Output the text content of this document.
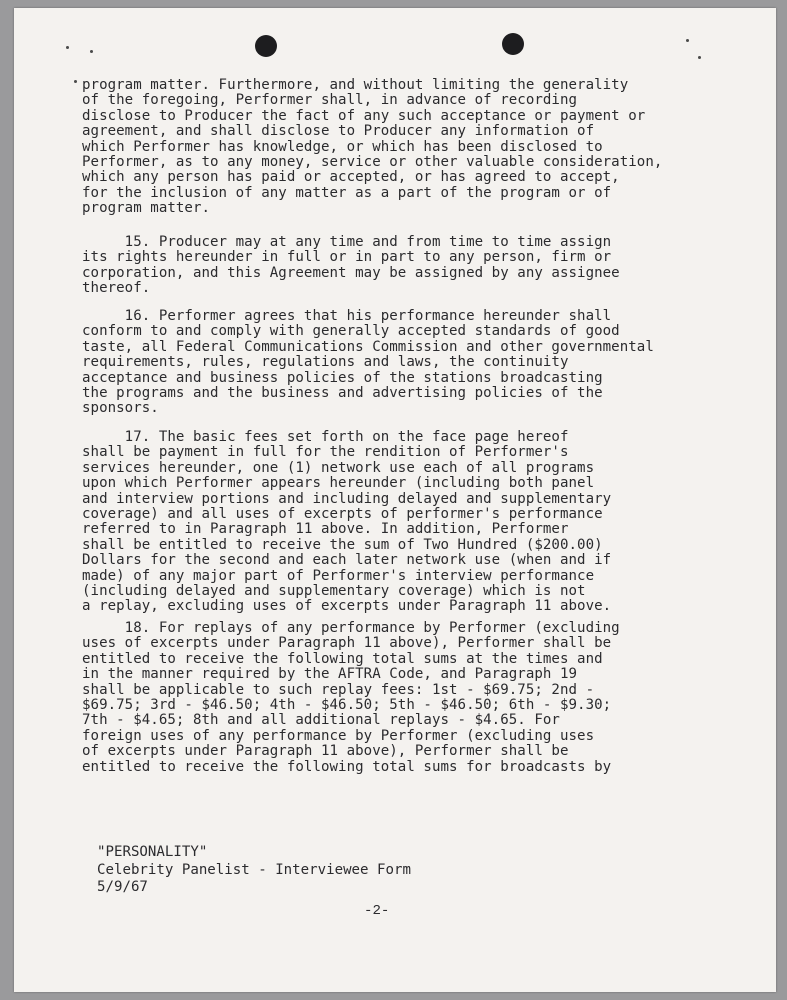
program matter. Furthermore, and without limiting the generality
of the foregoing, Performer shall, in advance of recording
disclose to Producer the fact of any such acceptance or payment or
agreement, and shall disclose to Producer any information of
which Performer has knowledge, or which has been disclosed to
Performer, as to any money, service or other valuable consideration,
which any person has paid or accepted, or has agreed to accept,
for the inclusion of any matter as a part of the program or of
program matter.
15. Producer may at any time and from time to time assign
its rights hereunder in full or in part to any person, firm or
corporation, and this Agreement may be assigned by any assignee
thereof.
16. Performer agrees that his performance hereunder shall
conform to and comply with generally accepted standards of good
taste, all Federal Communications Commission and other governmental
requirements, rules, regulations and laws, the continuity
acceptance and business policies of the stations broadcasting
the programs and the business and advertising policies of the
sponsors.
17. The basic fees set forth on the face page hereof
shall be payment in full for the rendition of Performer's
services hereunder, one (1) network use each of all programs
upon which Performer appears hereunder (including both panel
and interview portions and including delayed and supplementary
coverage) and all uses of excerpts of performer's performance
referred to in Paragraph 11 above. In addition, Performer
shall be entitled to receive the sum of Two Hundred ($200.00)
Dollars for the second and each later network use (when and if
made) of any major part of Performer's interview performance
(including delayed and supplementary coverage) which is not
a replay, excluding uses of excerpts under Paragraph 11 above.
18. For replays of any performance by Performer (excluding
uses of excerpts under Paragraph 11 above), Performer shall be
entitled to receive the following total sums at the times and
in the manner required by the AFTRA Code, and Paragraph 19
shall be applicable to such replay fees: 1st - $69.75; 2nd -
$69.75; 3rd - $46.50; 4th - $46.50; 5th - $46.50; 6th - $9.30;
7th - $4.65; 8th and all additional replays - $4.65. For
foreign uses of any performance by Performer (excluding uses
of excerpts under Paragraph 11 above), Performer shall be
entitled to receive the following total sums for broadcasts by
"PERSONALITY"
Celebrity Panelist - Interviewee Form
5/9/67
-2-
